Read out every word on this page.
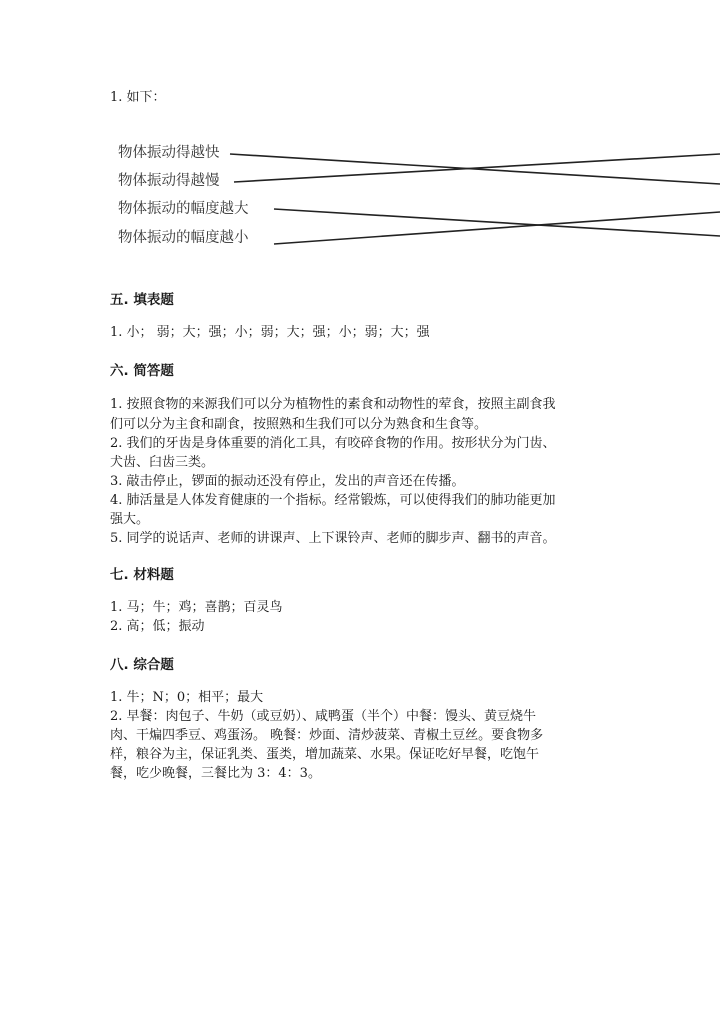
1. 如下：
物体振动得越快
物体振动得越慢
物体振动的幅度越大
物体振动的幅度越小
五. 填表题
1. 小； 弱；大；强；小；弱；大；强；小；弱；大；强
六. 简答题
1. 按照食物的来源我们可以分为植物性的素食和动物性的荤食，按照主副食我
们可以分为主食和副食，按照熟和生我们可以分为熟食和生食等。
2. 我们的牙齿是身体重要的消化工具，有咬碎食物的作用。按形状分为门齿、
犬齿、臼齿三类。
3. 敲击停止，锣面的振动还没有停止，发出的声音还在传播。
4. 肺活量是人体发育健康的一个指标。经常锻炼，可以使得我们的肺功能更加
强大。
5. 同学的说话声、老师的讲课声、上下课铃声、老师的脚步声、翻书的声音。
七. 材料题
1. 马；牛；鸡；喜鹊；百灵鸟
2. 高；低；振动
八. 综合题
1. 牛；N；0；相平；最大
2. 早餐：肉包子、牛奶（或豆奶）、咸鸭蛋（半个）中餐：馒头、黄豆烧牛
肉、干煸四季豆、鸡蛋汤。 晚餐：炒面、清炒菠菜、青椒土豆丝。要食物多
样，粮谷为主，保证乳类、蛋类，增加蔬菜、水果。保证吃好早餐，吃饱午
餐，吃少晚餐，三餐比为 3：4：3。
